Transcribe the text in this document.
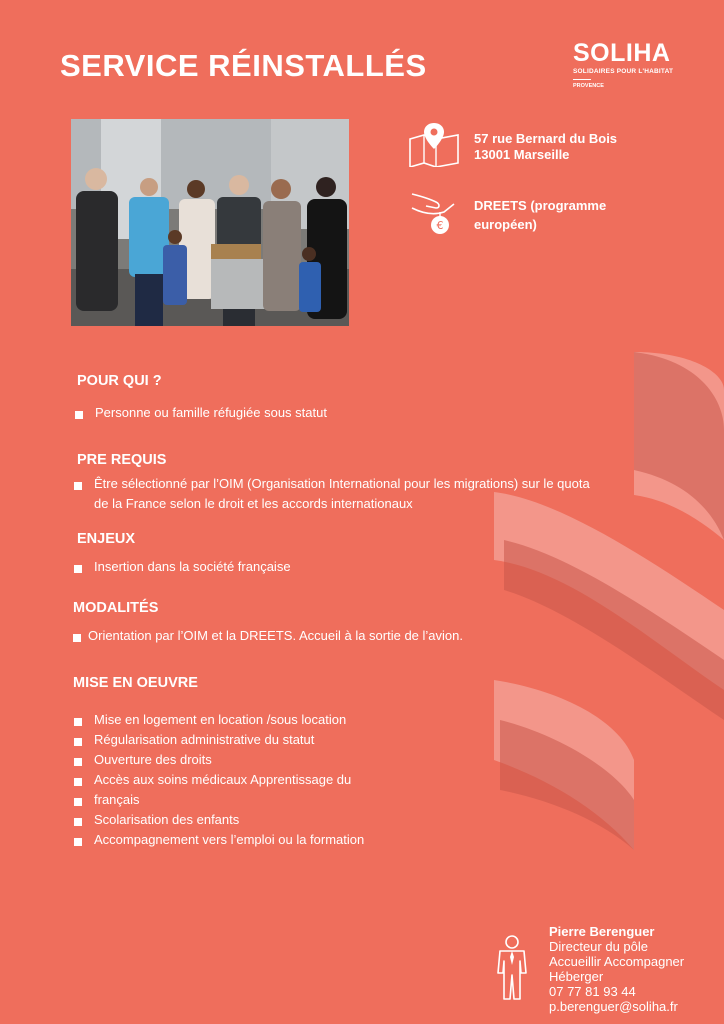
SERVICE RÉINSTALLÉS	SOLIHA
SOLIDAIRES POUR L'HABITAT
PROVENCE
57 rue Bernard du Bois
13001 Marseille
€
DREETS (programme
européen)
POUR QUI ?
Personne ou famille réfugiée sous statut
PRE REQUIS
Être sélectionné par l’OIM (Organisation International pour les migrations) sur le quota de la France selon le droit et les accords internationaux
ENJEUX
Insertion dans la société française
MODALITÉS
Orientation par l’OIM et la DREETS. Accueil à la sortie de l’avion.
MISE EN OEUVRE
Mise en logement en location /sous location
Régularisation administrative du statut
Ouverture des droits
Accès aux soins médicaux Apprentissage du
français
Scolarisation des enfants
Accompagnement vers l’emploi ou la formation
Pierre Berenguer
Directeur du pôle
Accueillir Accompagner
Héberger
07 77 81 93 44
p.berenguer@soliha.fr
